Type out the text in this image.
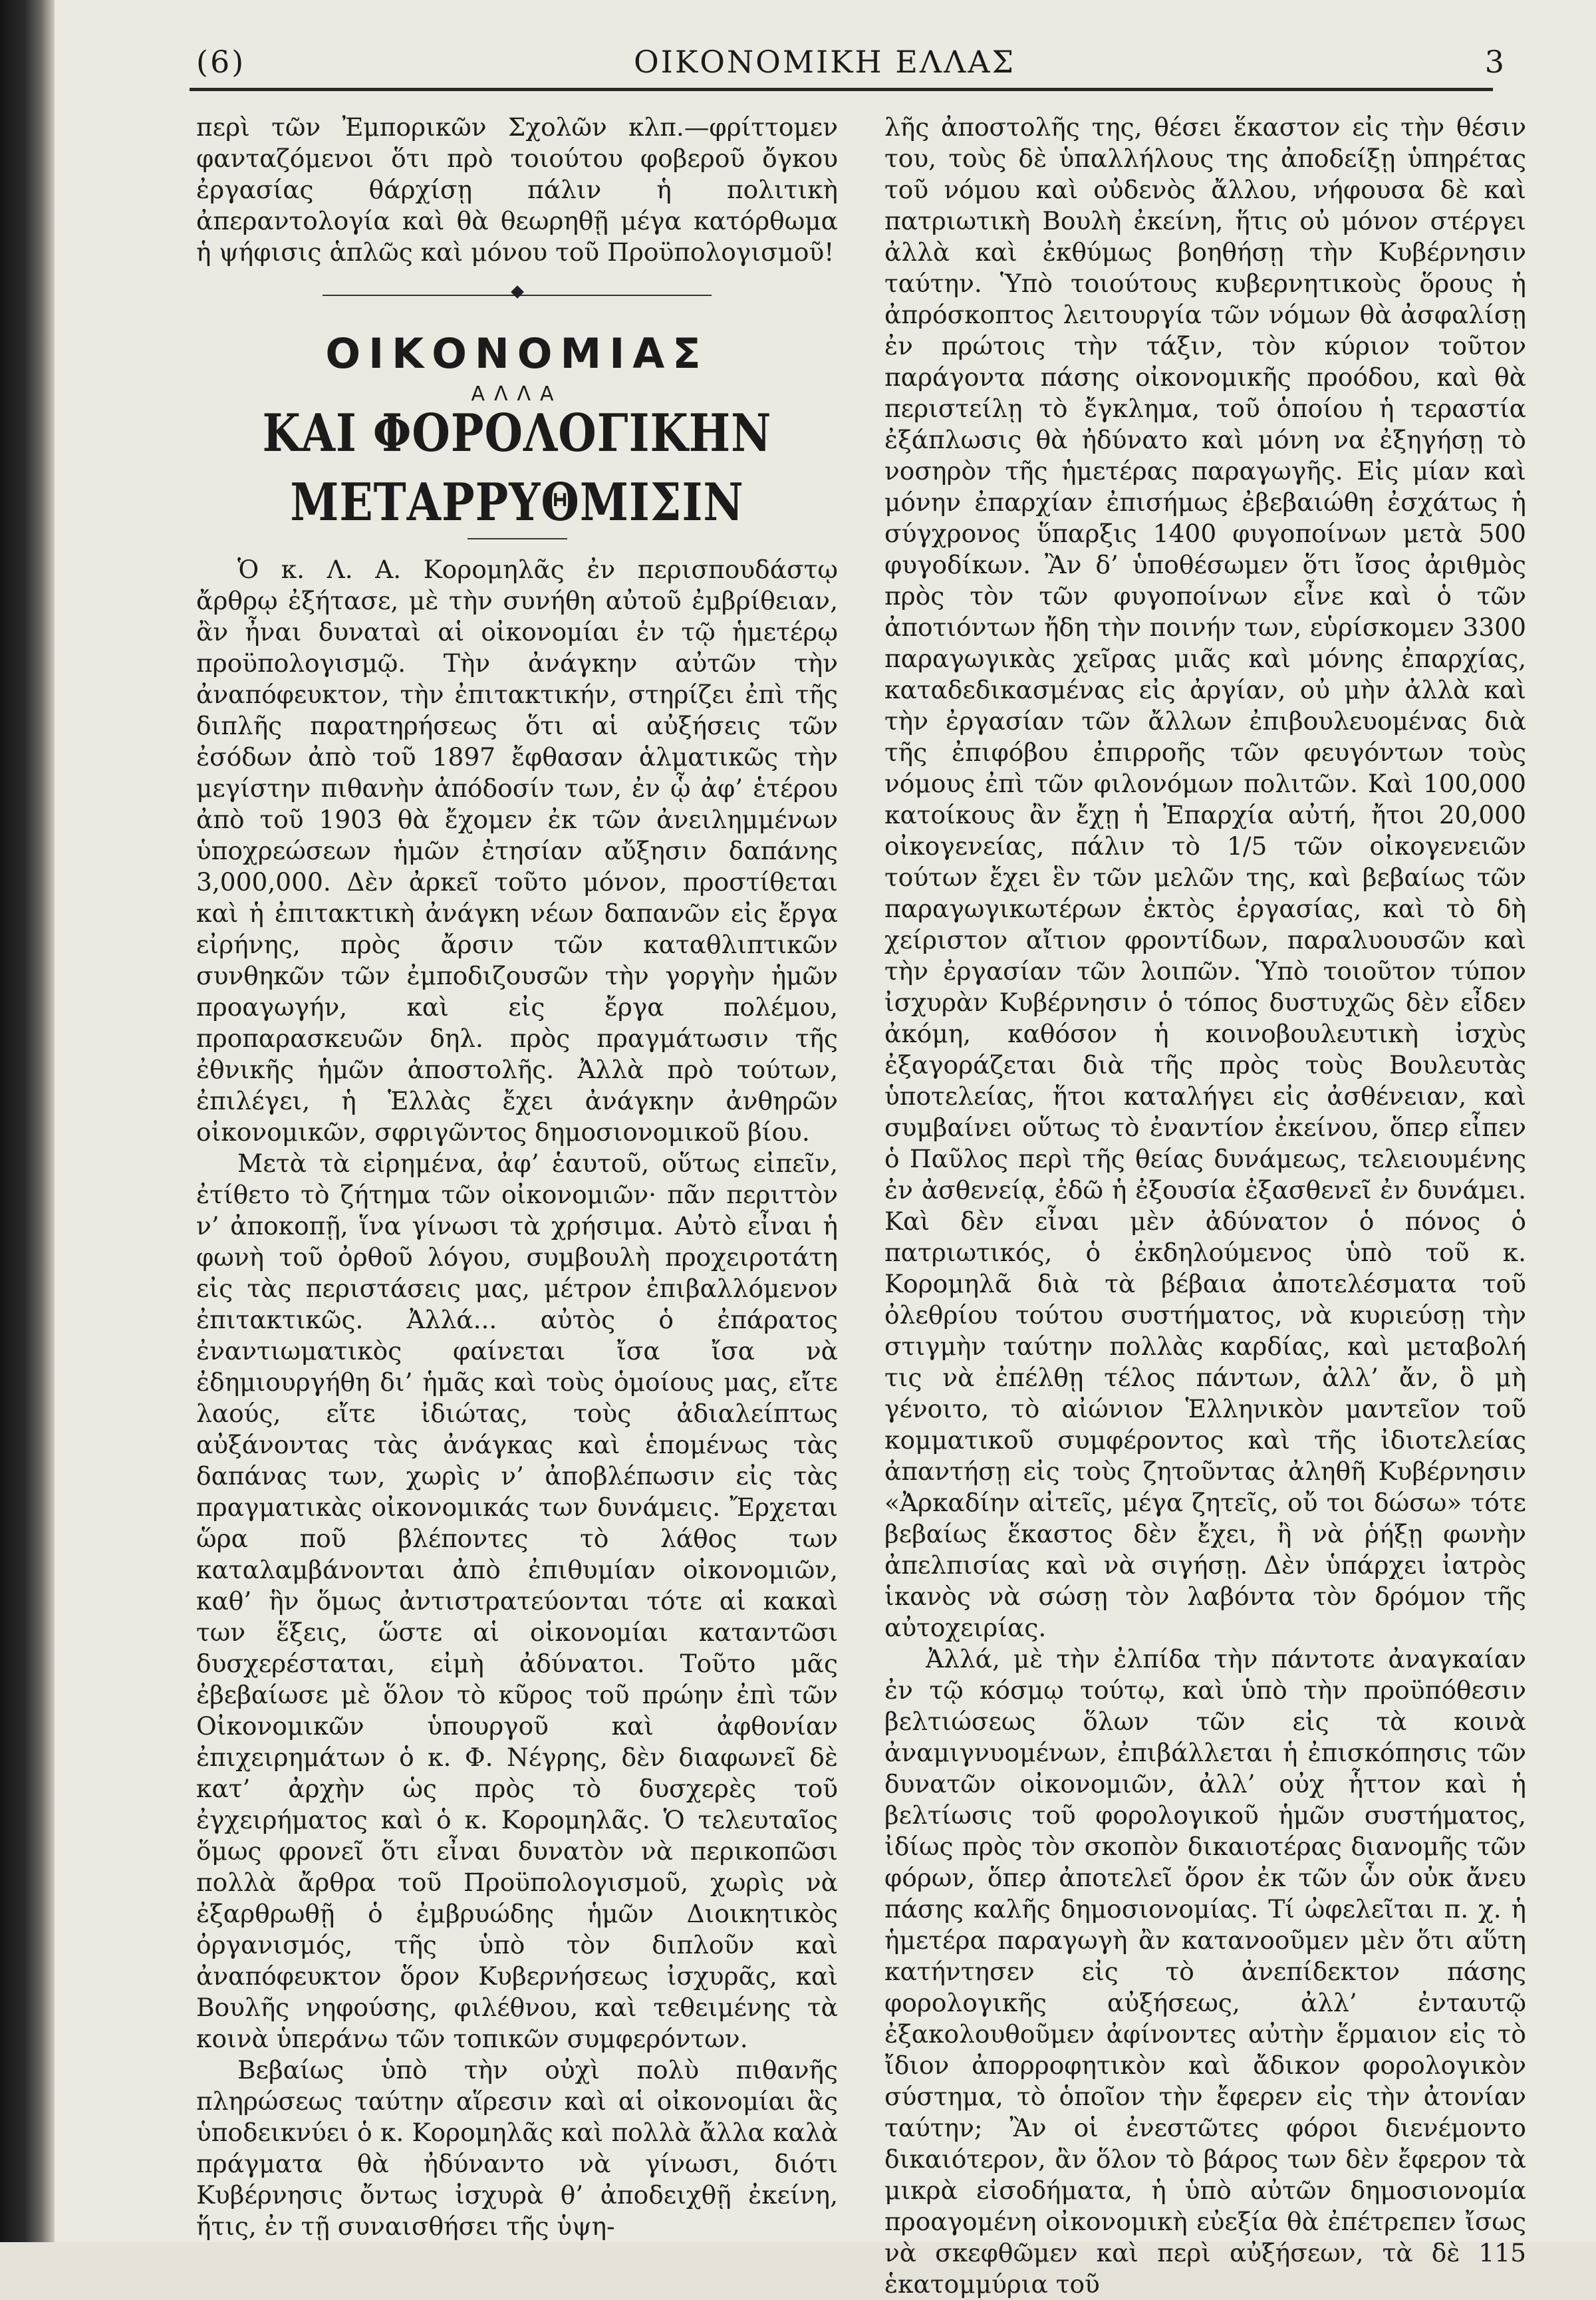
(6)	ΟΙΚΟΝΟΜΙΚΗ ΕΛΛΑΣ	3

περὶ τῶν Ἐμπορικῶν Σχολῶν κλπ.—φρίττομεν φανταζόμενοι ὅτι πρὸ τοιούτου φοβεροῦ ὄγκου ἐργασίας θάρχίσῃ πάλιν ἡ πολιτικὴ ἀπεραντολογία καὶ θὰ θεωρηθῇ μέγα κατόρθωμα ἡ ψήφισις ἁπλῶς καὶ μόνου τοῦ Προϋπολογισμοῦ!

ΟΙΚΟΝΟΜΙΑΣ

ΑΛΛΑ

ΚΑΙ ΦΟΡΟΛΟΓΙΚΗΝ ΜΕΤΑΡΡΥΘΜΙΣΙΝ

Ὁ κ. Λ. Α. Κορομηλᾶς ἐν περισπουδάστῳ ἄρθρῳ ἐξήτασε, μὲ τὴν συνήθη αὐτοῦ ἐμβρίθειαν, ἂν ἦναι δυναταὶ αἱ οἰκονομίαι ἐν τῷ ἡμετέρῳ προϋπολογισμῷ. Τὴν ἀνάγκην αὐτῶν τὴν ἀναπόφευκτον, τὴν ἐπιτακτικήν, στηρίζει ἐπὶ τῆς διπλῆς παρατηρήσεως ὅτι αἱ αὐξήσεις τῶν ἐσόδων ἀπὸ τοῦ 1897 ἔφθασαν ἁλματικῶς τὴν μεγίστην πιθανὴν ἀπόδοσίν των, ἐν ᾧ ἀφ’ ἑτέρου ἀπὸ τοῦ 1903 θὰ ἔχομεν ἐκ τῶν ἀνειλημμένων ὑποχρεώσεων ἡμῶν ἐτησίαν αὔξησιν δαπάνης 3,000,000. Δὲν ἀρκεῖ τοῦτο μόνον, προστίθεται καὶ ἡ ἐπιτακτικὴ ἀνάγκη νέων δαπανῶν εἰς ἔργα εἰρήνης, πρὸς ἄρσιν τῶν καταθλιπτικῶν συνθηκῶν τῶν ἐμποδιζουσῶν τὴν γοργὴν ἡμῶν προαγωγήν, καὶ εἰς ἔργα πολέμου, προπαρασκευῶν δηλ. πρὸς πραγμάτωσιν τῆς ἐθνικῆς ἡμῶν ἀποστολῆς. Ἀλλὰ πρὸ τούτων, ἐπιλέγει, ἡ Ἑλλὰς ἔχει ἀνάγκην ἀνθηρῶν οἰκονομικῶν, σφριγῶντος δημοσιονομικοῦ βίου.

Μετὰ τὰ εἰρημένα, ἀφ’ ἑαυτοῦ, οὕτως εἰπεῖν, ἐτίθετο τὸ ζήτημα τῶν οἰκονομιῶν· πᾶν περιττὸν ν’ ἀποκοπῇ, ἵνα γίνωσι τὰ χρήσιμα. Αὐτὸ εἶναι ἡ φωνὴ τοῦ ὀρθοῦ λόγου, συμβουλὴ προχειροτάτη εἰς τὰς περιστάσεις μας, μέτρον ἐπιβαλλόμενον ἐπιτακτικῶς. Ἀλλά... αὐτὸς ὁ ἐπάρατος ἐναντιωματικὸς φαίνεται ἴσα ἴσα νὰ ἐδημιουργήθη δι’ ἡμᾶς καὶ τοὺς ὁμοίους μας, εἴτε λαούς, εἴτε ἰδιώτας, τοὺς ἀδιαλείπτως αὐξάνοντας τὰς ἀνάγκας καὶ ἑπομένως τὰς δαπάνας των, χωρὶς ν’ ἀποβλέπωσιν εἰς τὰς πραγματικὰς οἰκονομικάς των δυνάμεις. Ἔρχεται ὥρα ποῦ βλέποντες τὸ λάθος των καταλαμβάνονται ἀπὸ ἐπιθυμίαν οἰκονομιῶν, καθ’ ἣν ὅμως ἀντιστρατεύονται τότε αἱ κακαὶ των ἕξεις, ὥστε αἱ οἰκονομίαι καταντῶσι δυσχερέσταται, εἰμὴ ἀδύνατοι. Τοῦτο μᾶς ἐβεβαίωσε μὲ ὅλον τὸ κῦρος τοῦ πρώην ἐπὶ τῶν Οἰκονομικῶν ὑπουργοῦ καὶ ἀφθονίαν ἐπιχειρημάτων ὁ κ. Φ. Νέγρης, δὲν διαφωνεῖ δὲ κατ’ ἀρχὴν ὡς πρὸς τὸ δυσχερὲς τοῦ ἐγχειρήματος καὶ ὁ κ. Κορομηλᾶς. Ὁ τελευταῖος ὅμως φρονεῖ ὅτι εἶναι δυνατὸν νὰ περικοπῶσι πολλὰ ἄρθρα τοῦ Προϋπολογισμοῦ, χωρὶς νὰ ἐξαρθρωθῇ ὁ ἐμβρυώδης ἡμῶν Διοικητικὸς ὀργανισμός, τῆς ὑπὸ τὸν διπλοῦν καὶ ἀναπόφευκτον ὅρον Κυβερνήσεως ἰσχυρᾶς, καὶ Βουλῆς νηφούσης, φιλέθνου, καὶ τεθειμένης τὰ κοινὰ ὑπεράνω τῶν τοπικῶν συμφερόντων.

Βεβαίως ὑπὸ τὴν οὐχὶ πολὺ πιθανῆς πληρώσεως ταύτην αἵρεσιν καὶ αἱ οἰκονομίαι ἃς ὑποδεικνύει ὁ κ. Κορομηλᾶς καὶ πολλὰ ἄλλα καλὰ πράγματα θὰ ἠδύναντο νὰ γίνωσι, διότι Κυβέρνησις ὄντως ἰσχυρὰ θ’ ἀποδειχθῇ ἐκείνη, ἥτις, ἐν τῇ συναισθήσει τῆς ὑψη-

λῆς ἀποστολῆς της, θέσει ἕκαστον εἰς τὴν θέσιν του, τοὺς δὲ ὑπαλλήλους της ἀποδείξῃ ὑπηρέτας τοῦ νόμου καὶ οὐδενὸς ἄλλου, νήφουσα δὲ καὶ πατριωτικὴ Βουλὴ ἐκείνη, ἥτις οὐ μόνον στέργει ἀλλὰ καὶ ἐκθύμως βοηθήσῃ τὴν Κυβέρνησιν ταύτην. Ὑπὸ τοιούτους κυβερνητικοὺς ὅρους ἡ ἀπρόσκοπτος λειτουργία τῶν νόμων θὰ ἀσφαλίσῃ ἐν πρώτοις τὴν τάξιν, τὸν κύριον τοῦτον παράγοντα πάσης οἰκονομικῆς προόδου, καὶ θὰ περιστείλῃ τὸ ἔγκλημα, τοῦ ὁποίου ἡ τεραστία ἐξάπλωσις θὰ ἠδύνατο καὶ μόνη να ἐξηγήσῃ τὸ νοσηρὸν τῆς ἡμετέρας παραγωγῆς. Εἰς μίαν καὶ μόνην ἐπαρχίαν ἐπισήμως ἐβεβαιώθη ἐσχάτως ἡ σύγχρονος ὕπαρξις 1400 φυγοποίνων μετὰ 500 φυγοδίκων. Ἂν δ’ ὑποθέσωμεν ὅτι ἴσος ἀριθμὸς πρὸς τὸν τῶν φυγοποίνων εἶνε καὶ ὁ τῶν ἀποτιόντων ἤδη τὴν ποινήν των, εὑρίσκομεν 3300 παραγωγικὰς χεῖρας μιᾶς καὶ μόνης ἐπαρχίας, καταδεδικασμένας εἰς ἀργίαν, οὐ μὴν ἀλλὰ καὶ τὴν ἐργασίαν τῶν ἄλλων ἐπιβουλευομένας διὰ τῆς ἐπιφόβου ἐπιρροῆς τῶν φευγόντων τοὺς νόμους ἐπὶ τῶν φιλονόμων πολιτῶν. Καὶ 100,000 κατοίκους ἂν ἔχῃ ἡ Ἐπαρχία αὐτή, ἤτοι 20,000 οἰκογενείας, πάλιν τὸ 1/5 τῶν οἰκογενειῶν τούτων ἔχει ἓν τῶν μελῶν της, καὶ βεβαίως τῶν παραγωγικωτέρων ἐκτὸς ἐργασίας, καὶ τὸ δὴ χείριστον αἴτιον φροντίδων, παραλυουσῶν καὶ τὴν ἐργασίαν τῶν λοιπῶν. Ὑπὸ τοιοῦτον τύπον ἰσχυρὰν Κυβέρνησιν ὁ τόπος δυστυχῶς δὲν εἶδεν ἀκόμη, καθόσον ἡ κοινοβουλευτικὴ ἰσχὺς ἐξαγοράζεται διὰ τῆς πρὸς τοὺς Βουλευτὰς ὑποτελείας, ἥτοι καταλήγει εἰς ἀσθένειαν, καὶ συμβαίνει οὕτως τὸ ἐναντίον ἐκείνου, ὅπερ εἶπεν ὁ Παῦλος περὶ τῆς θείας δυνάμεως, τελειουμένης ἐν ἀσθενείᾳ, ἐδῶ ἡ ἐξουσία ἐξασθενεῖ ἐν δυνάμει. Καὶ δὲν εἶναι μὲν ἀδύνατον ὁ πόνος ὁ πατριωτικός, ὁ ἐκδηλούμενος ὑπὸ τοῦ κ. Κορομηλᾶ διὰ τὰ βέβαια ἀποτελέσματα τοῦ ὀλεθρίου τούτου συστήματος, νὰ κυριεύσῃ τὴν στιγμὴν ταύτην πολλὰς καρδίας, καὶ μεταβολή τις νὰ ἐπέλθῃ τέλος πάντων, ἀλλ’ ἄν, ὃ μὴ γένοιτο, τὸ αἰώνιον Ἑλληνικὸν μαντεῖον τοῦ κομματικοῦ συμφέροντος καὶ τῆς ἰδιοτελείας ἀπαντήσῃ εἰς τοὺς ζητοῦντας ἀληθῆ Κυβέρνησιν «Ἀρκαδίην αἰτεῖς, μέγα ζητεῖς, οὔ τοι δώσω» τότε βεβαίως ἕκαστος δὲν ἔχει, ἢ νὰ ῥήξῃ φωνὴν ἀπελπισίας καὶ νὰ σιγήσῃ. Δὲν ὑπάρχει ἰατρὸς ἱκανὸς νὰ σώσῃ τὸν λαβόντα τὸν δρόμον τῆς αὐτοχειρίας.

Ἀλλά, μὲ τὴν ἐλπίδα τὴν πάντοτε ἀναγκαίαν ἐν τῷ κόσμῳ τούτῳ, καὶ ὑπὸ τὴν προϋπόθεσιν βελτιώσεως ὅλων τῶν εἰς τὰ κοινὰ ἀναμιγνυομένων, ἐπιβάλλεται ἡ ἐπισκόπησις τῶν δυνατῶν οἰκονομιῶν, ἀλλ’ οὐχ ἧττον καὶ ἡ βελτίωσις τοῦ φορολογικοῦ ἡμῶν συστήματος, ἰδίως πρὸς τὸν σκοπὸν δικαιοτέρας διανομῆς τῶν φόρων, ὅπερ ἀποτελεῖ ὅρον ἐκ τῶν ὧν οὐκ ἄνευ πάσης καλῆς δημοσιονομίας. Τί ὠφελεῖται π. χ. ἡ ἡμετέρα παραγωγὴ ἂν κατανοοῦμεν μὲν ὅτι αὕτη κατήντησεν εἰς τὸ ἀνεπίδεκτον πάσης φορολογικῆς αὐξήσεως, ἀλλ’ ἐνταυτῷ ἐξακολουθοῦμεν ἀφίνοντες αὐτὴν ἕρμαιον εἰς τὸ ἴδιον ἀπορροφητικὸν καὶ ἄδικον φορολογικὸν σύστημα, τὸ ὁποῖον τὴν ἔφερεν εἰς τὴν ἀτονίαν ταύτην; Ἂν οἱ ἐνεστῶτες φόροι διενέμοντο δικαιότερον, ἂν ὅλον τὸ βάρος των δὲν ἔφερον τὰ μικρὰ εἰσοδήματα, ἡ ὑπὸ αὐτῶν δημοσιονομία προαγομένη οἰκονομικὴ εὐεξία θὰ ἐπέτρεπεν ἴσως νὰ σκεφθῶμεν καὶ περὶ αὐξήσεων, τὰ δὲ 115 ἑκατομμύρια τοῦ
